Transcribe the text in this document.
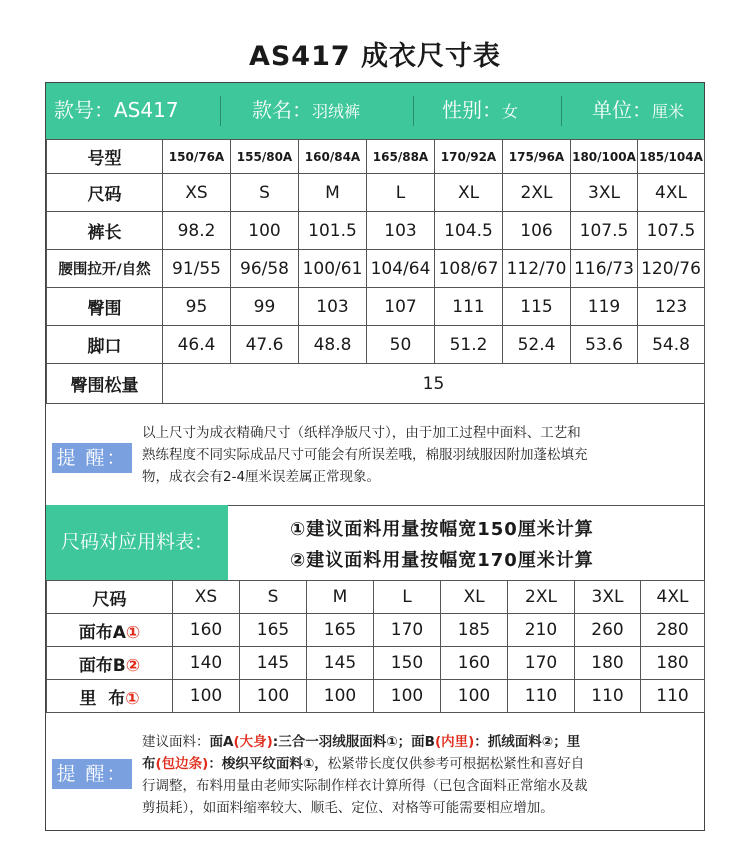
AS417 成衣尺寸表
款号：AS417	款名：羽绒裤	性别：女	单位：厘米
号型	150/76A	155/80A	160/84A	165/88A	170/92A	175/96A	180/100A	185/104A
尺码	XS	S	M	L	XL	2XL	3XL	4XL
裤长	98.2	100	101.5	103	104.5	106	107.5	107.5
腰围拉开/自然	91/55	96/58	100/61	104/64	108/67	112/70	116/73	120/76
臀围	95	99	103	107	111	115	119	123
脚口	46.4	47.6	48.8	50	51.2	52.4	53.6	54.8
臀围松量	15							
提 醒：
以上尺寸为成衣精确尺寸（纸样净版尺寸），由于加工过程中面料、工艺和
熟练程度不同实际成品尺寸可能会有所误差哦，棉服羽绒服因附加蓬松填充
物，成衣会有2-4厘米误差属正常现象。
尺码对应用料表：
①建议面料用量按幅宽150厘米计算
②建议面料用量按幅宽170厘米计算
尺码	XS	S	M	L	XL	2XL	3XL	4XL
面布A①	160	165	165	170	185	210	260	280
面布B②	140	145	145	150	160	170	180	180
里  布①	100	100	100	100	100	110	110	110
提 醒：
建议面料：面A(大身):三合一羽绒服面料①；面B(内里)：抓绒面料②；里
布(包边条)：梭织平纹面料①，松紧带长度仅供参考可根据松紧性和喜好自
行调整，布料用量由老师实际制作样衣计算所得（已包含面料正常缩水及裁
剪损耗），如面料缩率较大、顺毛、定位、对格等可能需要相应增加。
